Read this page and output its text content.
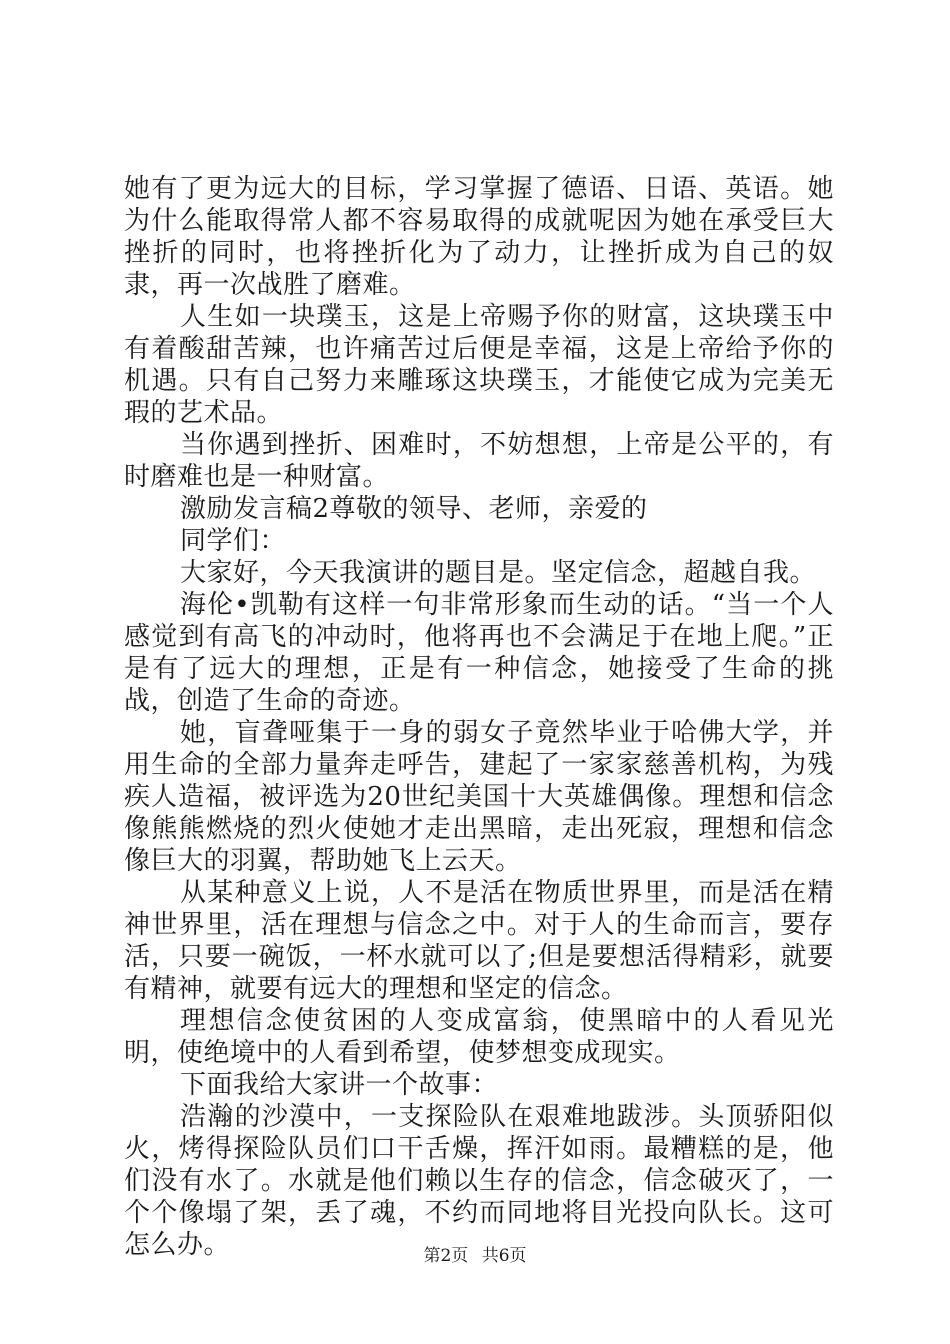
她有了更为远大的目标，学习掌握了德语、日语、英语。她为什么能取得常人都不容易取得的成就呢因为她在承受巨大挫折的同时，也将挫折化为了动力，让挫折成为自己的奴隶，再一次战胜了磨难。

人生如一块璞玉，这是上帝赐予你的财富，这块璞玉中有着酸甜苦辣，也许痛苦过后便是幸福，这是上帝给予你的机遇。只有自己努力来雕琢这块璞玉，才能使它成为完美无瑕的艺术品。

当你遇到挫折、困难时，不妨想想，上帝是公平的，有时磨难也是一种财富。

激励发言稿2尊敬的领导、老师，亲爱的

同学们：

大家好，今天我演讲的题目是。坚定信念，超越自我。

海伦•凯勒有这样一句非常形象而生动的话。“当一个人感觉到有高飞的冲动时，他将再也不会满足于在地上爬。”正是有了远大的理想，正是有一种信念，她接受了生命的挑战，创造了生命的奇迹。

她，盲聋哑集于一身的弱女子竟然毕业于哈佛大学，并用生命的全部力量奔走呼告，建起了一家家慈善机构，为残疾人造福，被评选为20世纪美国十大英雄偶像。理想和信念像熊熊燃烧的烈火使她才走出黑暗，走出死寂，理想和信念像巨大的羽翼，帮助她飞上云天。

从某种意义上说，人不是活在物质世界里，而是活在精神世界里，活在理想与信念之中。对于人的生命而言，要存活，只要一碗饭，一杯水就可以了;但是要想活得精彩，就要有精神，就要有远大的理想和坚定的信念。

理想信念使贫困的人变成富翁，使黑暗中的人看见光明，使绝境中的人看到希望，使梦想变成现实。

下面我给大家讲一个故事：

浩瀚的沙漠中，一支探险队在艰难地跋涉。头顶骄阳似火，烤得探险队员们口干舌燥，挥汗如雨。最糟糕的是，他们没有水了。水就是他们赖以生存的信念，信念破灭了，一个个像塌了架，丢了魂，不约而同地将目光投向队长。这可怎么办。	第2页 共6页
